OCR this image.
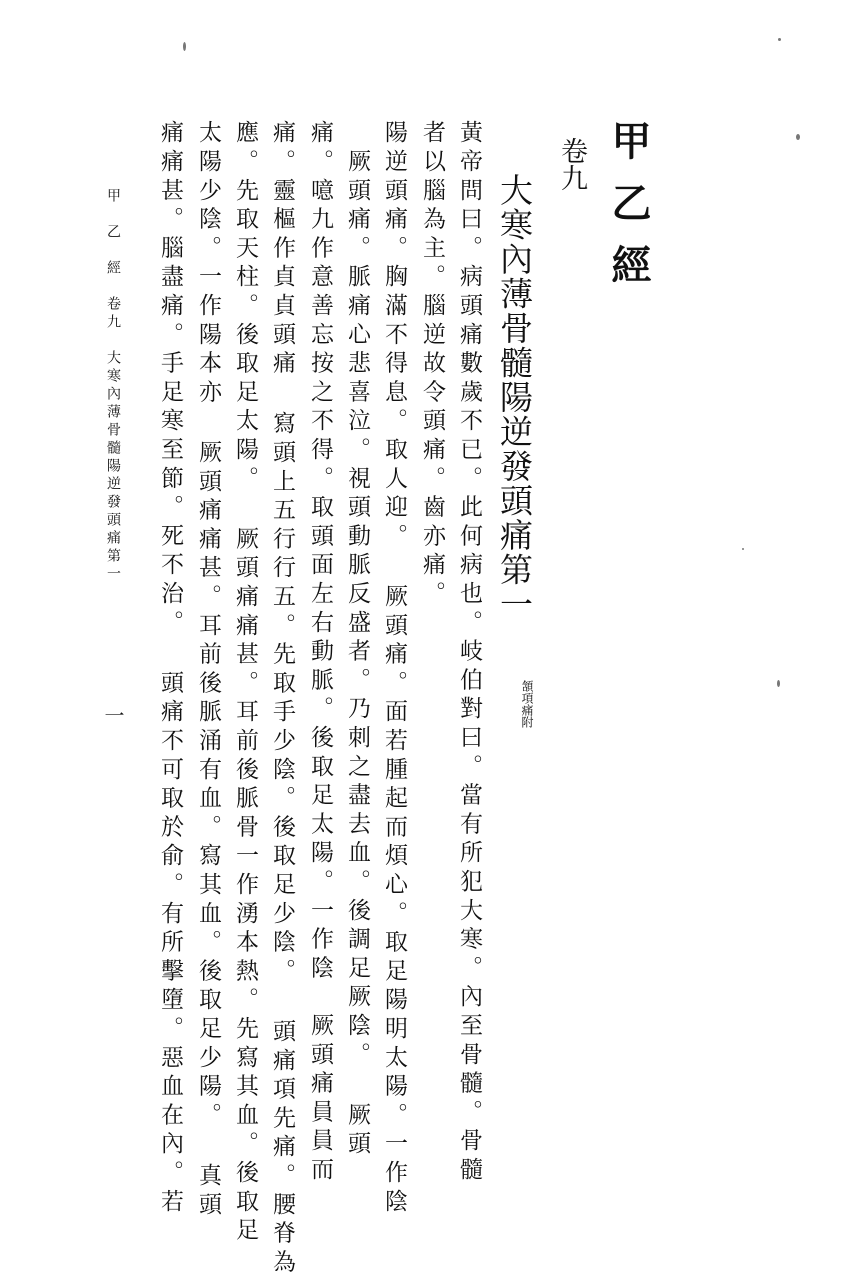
甲乙經
卷九
大寒內薄骨髓陽逆發頭痛第一
頷項痛附
黃帝問曰。病頭痛數歲不已。此何病也。岐伯對曰。當有所犯大寒。內至骨髓。骨髓
者以腦為主。腦逆故令頭痛。齒亦痛。
陽逆頭痛。胸滿不得息。取人迎。 厥頭痛。面若腫起而煩心。取足陽明太陽。一作陰
　厥頭痛。脈痛心悲喜泣。視頭動脈反盛者。乃刺之盡去血。後調足厥陰。 厥頭
痛。噫九作意善忘按之不得。取頭面左右動脈。後取足太陽。一作陰　厥頭痛員員而
痛。靈樞作貞貞頭痛 寫頭上五行行五。先取手少陰。後取足少陰。 頭痛項先痛。腰脊為
應。先取天柱。後取足太陽。 厥頭痛痛甚。耳前後脈骨一作湧本熱。先寫其血。後取足
太陽少陰。一作陽本亦 厥頭痛痛甚。耳前後脈涌有血。寫其血。後取足少陽。 真頭
痛痛甚。腦盡痛。手足寒至節。死不治。 頭痛不可取於俞。有所擊墮。惡血在內。若
甲　乙　經　卷九　大寒內薄骨髓陽逆發頭痛第一
一
